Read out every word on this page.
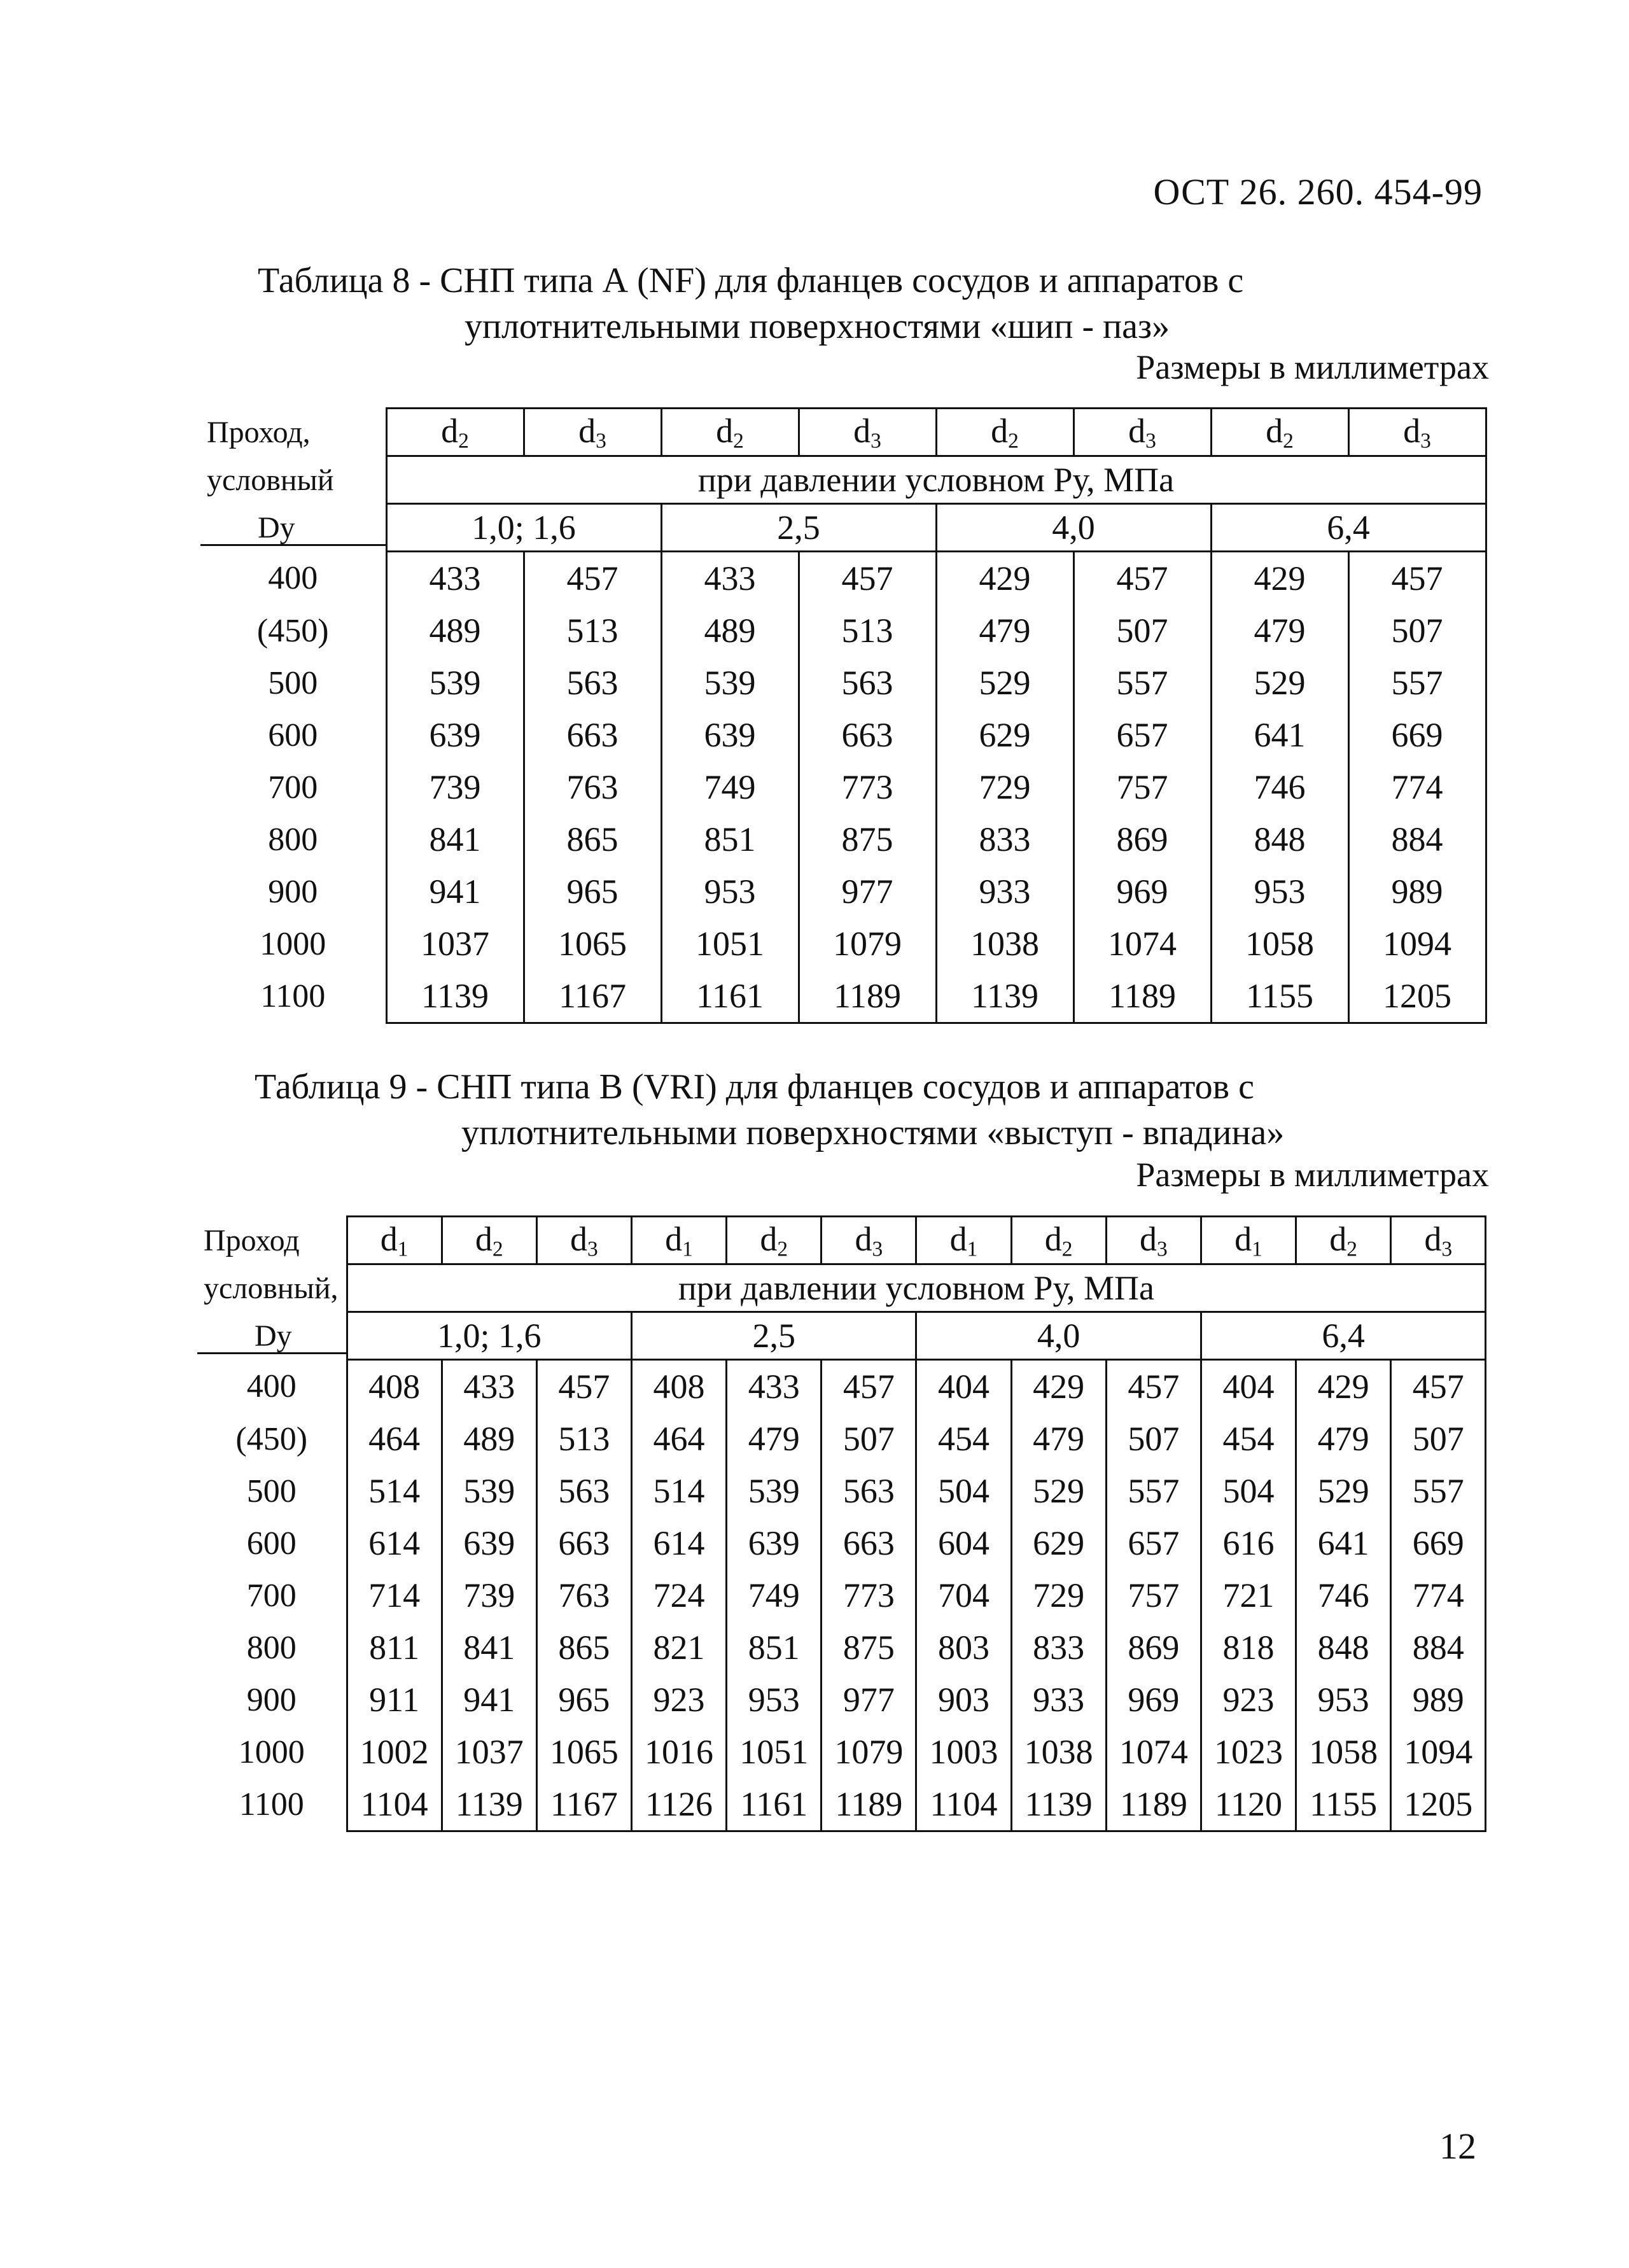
ОСТ 26. 260. 454-99
Таблица 8 - СНП типа А (NF) для фланцев сосудов и аппаратов с
уплотнительными поверхностями «шип - паз»
Размеры в миллиметрах
Проход,	$d_2$	$d_3$	$d_2$	$d_3$	$d_2$	$d_3$	$d_2$	$d_3$
условный	при давлении условном Ру, МПа							
Dy	1,0; 1,6		2,5		4,0		6,4	
400	433	457	433	457	429	457	429	457
(450)	489	513	489	513	479	507	479	507
500	539	563	539	563	529	557	529	557
600	639	663	639	663	629	657	641	669
700	739	763	749	773	729	757	746	774
800	841	865	851	875	833	869	848	884
900	941	965	953	977	933	969	953	989
1000	1037	1065	1051	1079	1038	1074	1058	1094
1100	1139	1167	1161	1189	1139	1189	1155	1205
Таблица 9 - СНП типа В (VRI) для фланцев сосудов и аппаратов с
уплотнительными поверхностями «выступ - впадина»
Размеры в миллиметрах
Проход	$d_1$	$d_2$	$d_3$	$d_1$	$d_2$	$d_3$	$d_1$	$d_2$	$d_3$	$d_1$	$d_2$	$d_3$
условный,	при давлении условном Ру, МПа											
Dy	1,0; 1,6			2,5			4,0			6,4		
400	408	433	457	408	433	457	404	429	457	404	429	457
(450)	464	489	513	464	479	507	454	479	507	454	479	507
500	514	539	563	514	539	563	504	529	557	504	529	557
600	614	639	663	614	639	663	604	629	657	616	641	669
700	714	739	763	724	749	773	704	729	757	721	746	774
800	811	841	865	821	851	875	803	833	869	818	848	884
900	911	941	965	923	953	977	903	933	969	923	953	989
1000	1002	1037	1065	1016	1051	1079	1003	1038	1074	1023	1058	1094
1100	1104	1139	1167	1126	1161	1189	1104	1139	1189	1120	1155	1205
12
